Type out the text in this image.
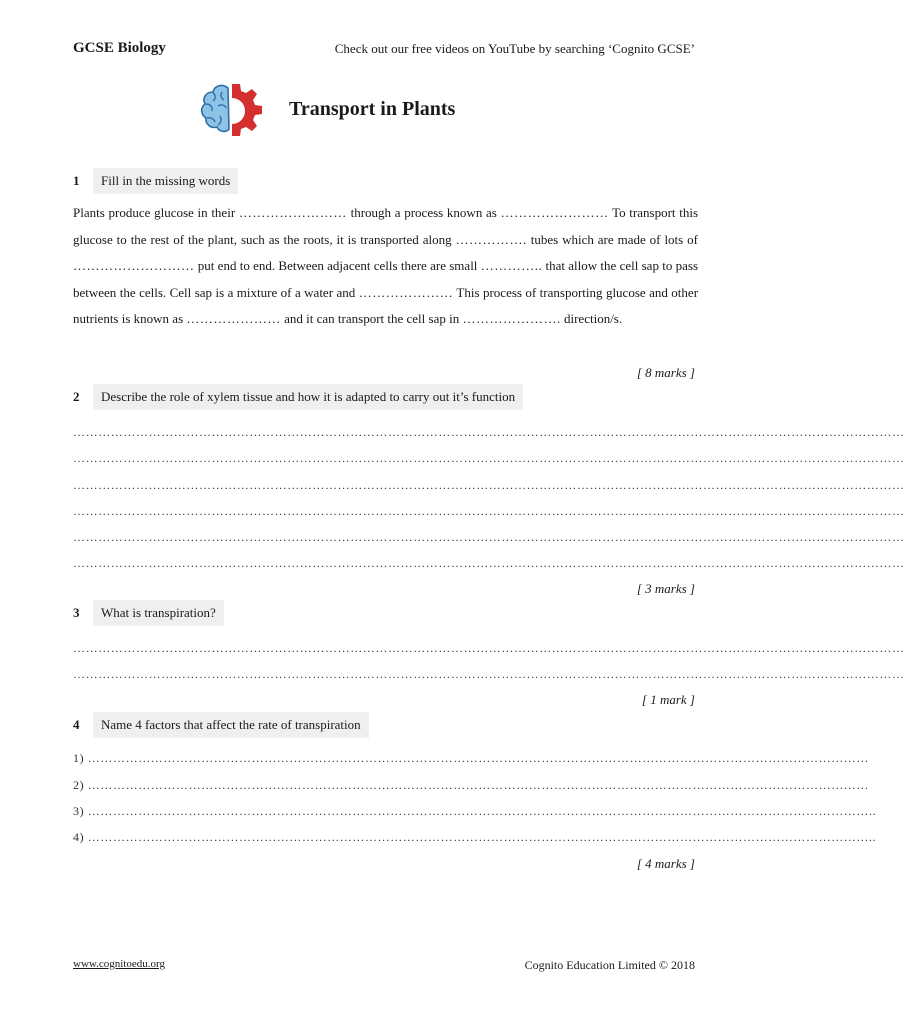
GCSE Biology	Check out our free videos on YouTube by searching ‘Cognito GCSE’
Transport in Plants
1	Fill in the missing words
Plants produce glucose in their …………………… through a process known as …………………… To transport this glucose to the rest of the plant, such as the roots, it is transported along ……………. tubes which are made of lots of ……………………… put end to end. Between adjacent cells there are small ………….. that allow the cell sap to pass between the cells. Cell sap is a mixture of a water and ………………… This process of transporting glucose and other nutrients is known as ………………… and it can transport the cell sap in …………………. direction/s.
[ 8 marks ]
2	Describe the role of xylem tissue and how it is adapted to carry out it’s function
………………………………………………………………………………………………………………………………………………………………………………
………………………………………………………………………………………………………………………………………………………………………………
………………………………………………………………………………………………………………………………………………………………………………
………………………………………………………………………………………………………………………………………………………………………………
………………………………………………………………………………………………………………………………………………………………………………
………………………………………………………………………………………………………………………………………………………………………………
[ 3 marks ]
3	What is transpiration?
………………………………………………………………………………………………………………………………………………………………………………
………………………………………………………………………………………………………………………………………………………………………………
[ 1 mark ]
4	Name 4 factors that affect the rate of transpiration
1) ……………………………………………………………………………………………………………………………………………………………………
2) ……………………………………………………………………………………………………………………………………………………………………
3) ……………………………………………………………………………………………………………………………………………………………………..
4) ……………………………………………………………………………………………………………………………………………………………………..
[ 4 marks ]
www.cognitoedu.org	Cognito Education Limited © 2018
